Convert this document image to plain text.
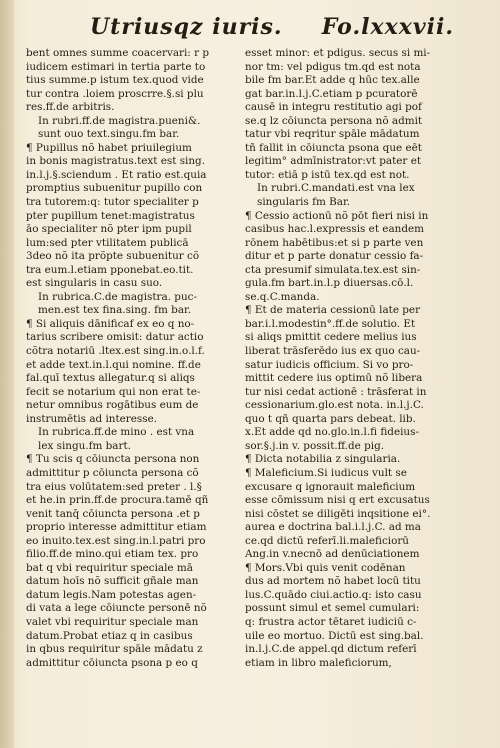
Utriusqz iuris. Fo.lxxxvii.
bent omnes summe coacervari: r p
iudicem estimari in tertia parte to
tius summe.p istum tex.quod vide
tur contra .loiem proscrre.§.si plu
res.ff.de arbitris.
In rubri.ff.de magistra.pueni&.
sunt ouo text.singu.fm bar.
¶ Pupillus nõ habet priuilegium
in bonis magistratus.text est sing.
in.l.j.§.sciendum . Et ratio est.quia
promptius subuenitur pupillo con
tra tutorem:q: tutor specialiter p
pter pupillum tenet:magistratus
āo specialiter nõ pter ipm pupil
lum:sed pter vtilitatem publicā
3deo nõ ita prõpte subuenitur cõ
tra eum.l.etiam pponebat.eo.tit.
est singularis in casu suo.
In rubrica.C.de magistra. puc-
men.est tex fina.sing. fm bar.
¶ Si aliquis dānificaf ex eo q no-
tarius scribere omisit: datur actio
cõtra notariū .ltex.est sing.in.o.l.f.
et adde text.in.l.qui nomine. ff.de
fal.quī textus allegatur.q si aliqs
fecit se notarium qui non erat te-
netur omnibus rogātibus eum de
instrumētis ad interesse.
In rubrica.ff.de mino . est vna
lex singu.fm bart.
¶ Tu scis q cōiuncta persona non
admittitur p cōiuncta persona cõ
tra eius volūtatem:sed preter . l.§
et he.in prin.ff.de procura.tamē qñ
venit tanq̄ cōiuncta persona .et p
proprio interesse admittitur etiam
eo inuito.tex.est sing.in.l.patri pro
filio.ff.de mino.qui etiam tex. pro
bat q vbi requiritur speciale mā
datum hoīs nõ sufficit gñale man
datum legis.Nam potestas agen-
di vata a lege cōiuncte personē nõ
valet vbi requiritur speciale man
datum.Probat etiaz q in casibus
in qbus requiritur spāle mādatu z
admittitur cōiuncta psona p eo q
esset minor: et pdigus. secus si mi-
nor tm: vel pdigus tm.qd est nota
bile fm bar.Et adde q hūc tex.alle
gat bar.in.l.j.C.etiam p pcuratorē
causē in integru restitutio agi pof
se.q lz cōiuncta persona nõ admit
tatur vbi reqritur spāle mādatum
tñ fallit in cōiuncta psona que eēt
legitim° admīnistrator:vt pater et
tutor: etiā p istū tex.qd est not.
In rubri.C.mandati.est vna lex
singularis fm Bar.
¶ Cessio actionū nõ pōt fieri nisi in
casibus hac.l.expressis et eandem
rōnem habētibus:et si p parte ven
ditur et p parte donatur cessio fa-
cta presumif simulata.tex.est sin-
gula.fm bart.in.l.p diuersas.cō.l.
se.q.C.manda.
¶ Et de materia cessionū late per
bar.i.l.modestin°.ff.de solutio. Et
si aliqs pmittit cedere melius ius
liberat trāsferēdo ius ex quo cau-
satur iudicis officium. Si vo pro-
mittit cedere ius optimū nõ libera
tur nisi cedat actionē : trāsferat in
cessionarium.glo.est nota. in.l.j.C.
quo t qñ quarta pars debeat. lib.
x.Et adde qd no.glo.in.l.fi fideius-
sor.§.j.in v. possit.ff.de pig.
¶ Dicta notabilia z singularia.
¶ Maleficium.Si iudicus vult se
excusare q ignorauit maleficium
esse cōmissum nisi q ert excusatus
nisi cōstet se diligēti inqsitione ei°.
aurea e doctrina bal.i.l.j.C. ad ma
ce.qd dictū referī.li.maleficiorū
Ang.in v.necnō ad denūciationem
¶ Mors.Vbi quis venit codēnan
dus ad mortem nõ habet locū titu
lus.C.quādo ciui.actio.q: isto casu
possunt simul et semel cumulari:
q: frustra actor tētaret iudiciū c-
uile eo mortuo. Dictū est sing.bal.
in.l.j.C.de appel.qd dictum referī
etiam in libro maleficiorum,
